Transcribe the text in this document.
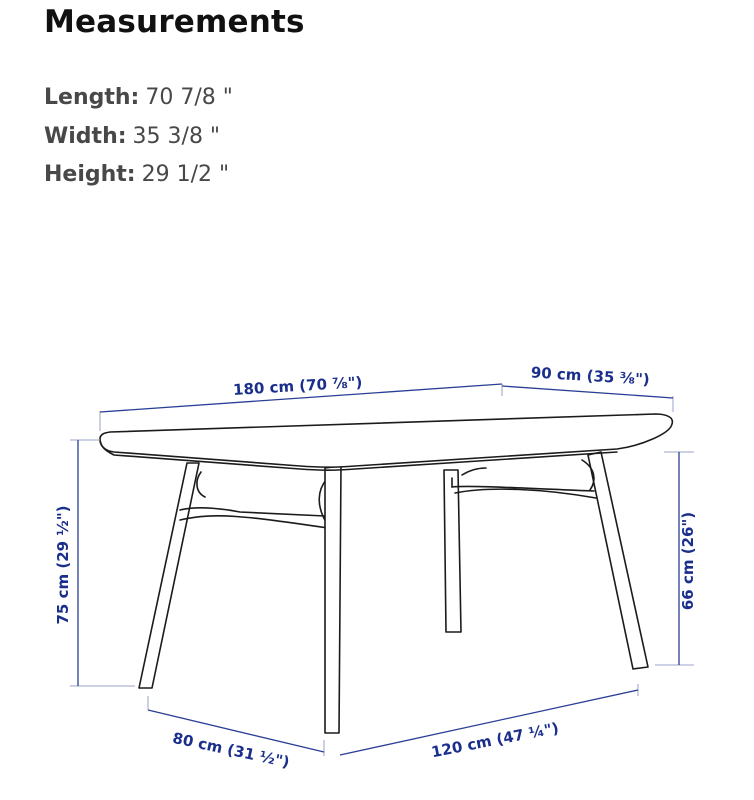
Measurements
Length: 70 7/8 "
Width: 35 3/8 "
Height: 29 1/2 "
180 cm (70 ⅞")	90 cm (35 ⅜")
75 cm (29 ½")	66 cm (26")
80 cm (31 ½")	120 cm (47 ¼")
